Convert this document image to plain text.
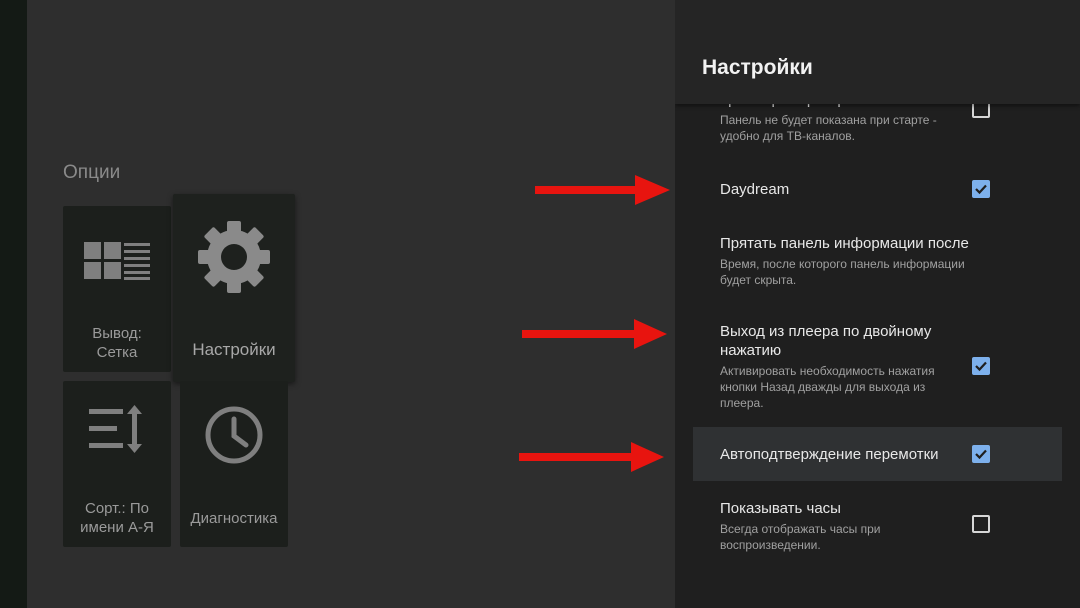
Опции
Вывод:
Сетка	Настройки
Сорт.: По
имени А-Я
Диагностика
Настройки
Панель не будет показана при старте - удобно для ТВ-каналов.
Daydream
Прятать панель информации после
Время, после которого панель информации будет скрыта.
Выход из плеера по двойному нажатию
Активировать необходимость нажатия кнопки Назад дважды для выхода из плеера.
Автоподтверждение перемотки
Показывать часы
Всегда отображать часы при воспроизведении.
